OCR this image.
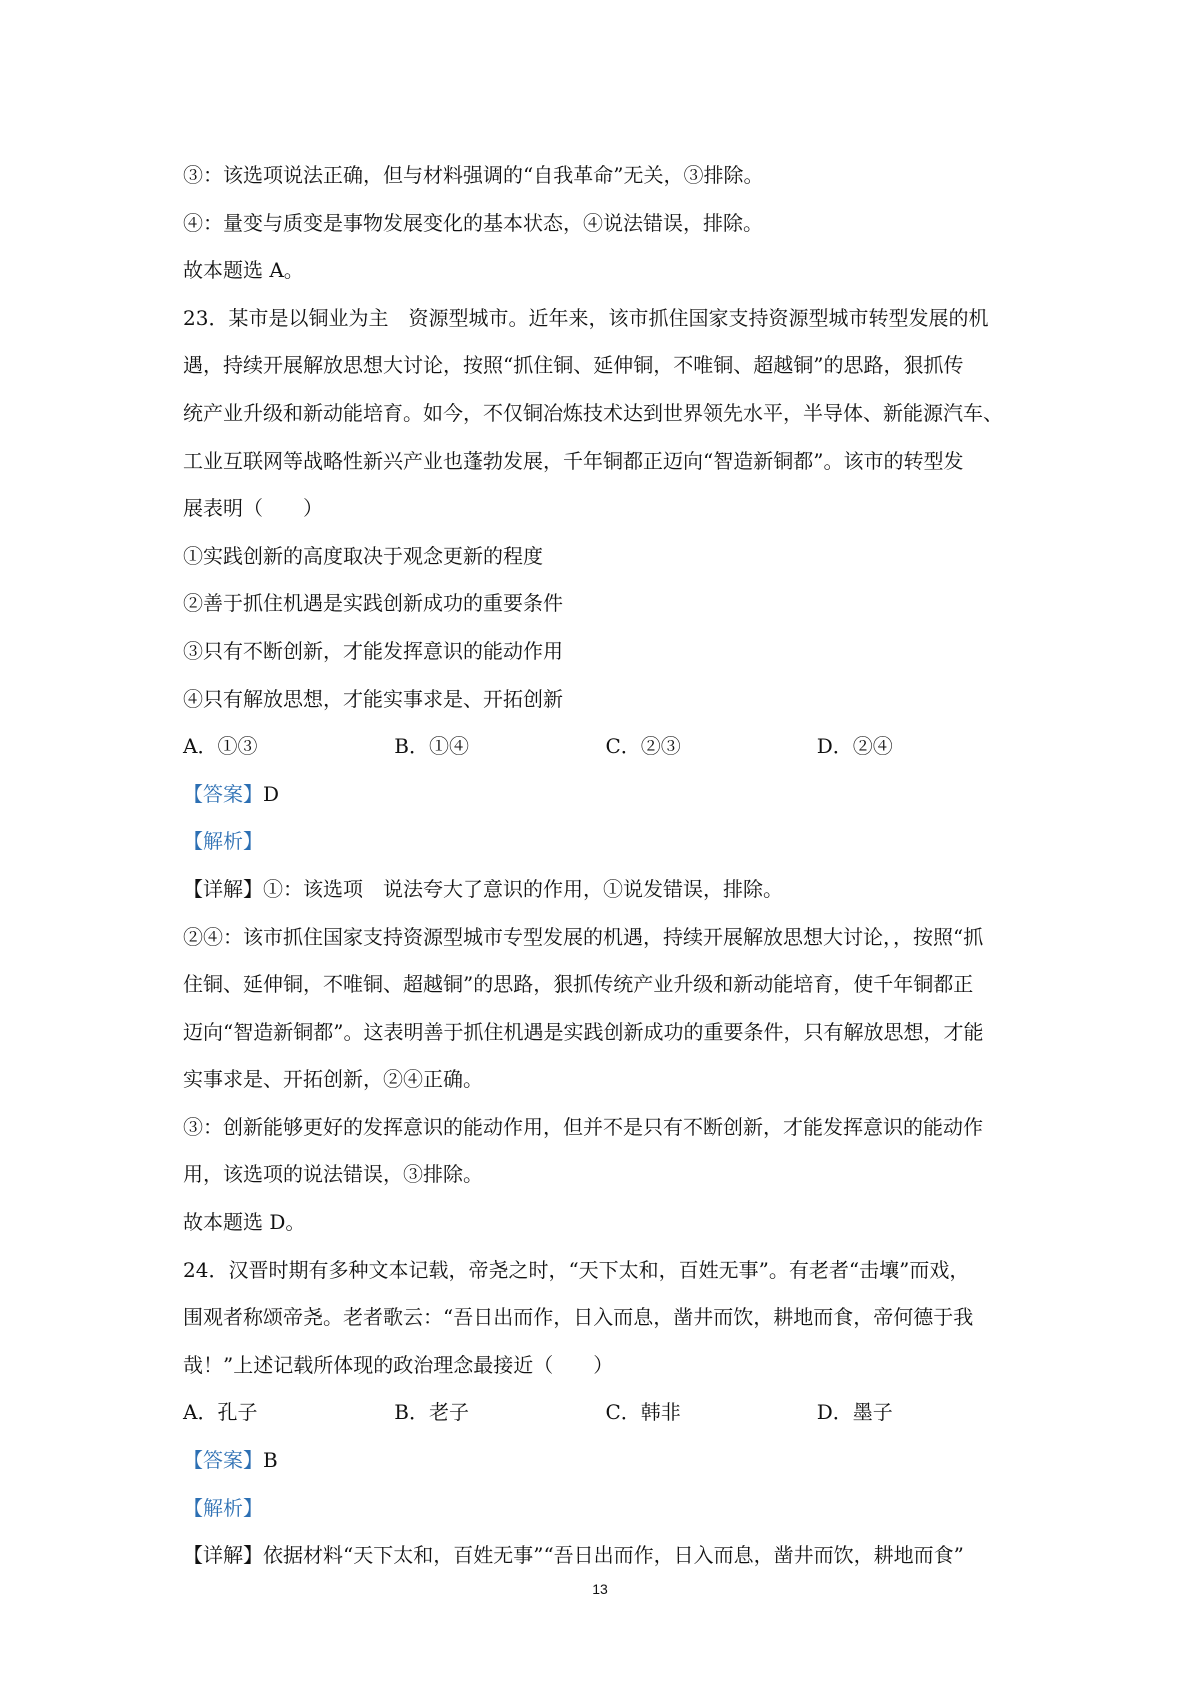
③：该选项说法正确，但与材料强调的“自我革命”无关，③排除。
④：量变与质变是事物发展变化的基本状态，④说法错误，排除。
故本题选 A。
23．某市是以铜业为主　资源型城市。近年来，该市抓住国家支持资源型城市转型发展的机
遇，持续开展解放思想大讨论，按照“抓住铜、延伸铜，不唯铜、超越铜”的思路，狠抓传
统产业升级和新动能培育。如今，不仅铜冶炼技术达到世界领先水平，半导体、新能源汽车、
工业互联网等战略性新兴产业也蓬勃发展，千年铜都正迈向“智造新铜都”。该市的转型发
展表明（　　）
①实践创新的高度取决于观念更新的程度
②善于抓住机遇是实践创新成功的重要条件
③只有不断创新，才能发挥意识的能动作用
④只有解放思想，才能实事求是、开拓创新
A．①③	B．①④	C．②③	D．②④
【答案】D
【解析】
【详解】①：该选项　说法夸大了意识的作用，①说发错误，排除。
②④：该市抓住国家支持资源型城市专型发展的机遇，持续开展解放思想大讨论，，按照“抓
住铜、延伸铜，不唯铜、超越铜”的思路，狠抓传统产业升级和新动能培育，使千年铜都正
迈向“智造新铜都”。这表明善于抓住机遇是实践创新成功的重要条件，只有解放思想，才能
实事求是、开拓创新，②④正确。
③：创新能够更好的发挥意识的能动作用，但并不是只有不断创新，才能发挥意识的能动作
用，该选项的说法错误，③排除。
故本题选 D。
24．汉晋时期有多种文本记载，帝尧之时，“天下太和，百姓无事”。有老者“击壤”而戏，
围观者称颂帝尧。老者歌云：“吾日出而作，日入而息，凿井而饮，耕地而食，帝何德于我
哉！”上述记载所体现的政治理念最接近（　　）
A．孔子	B．老子	C．韩非	D．墨子
【答案】B
【解析】
【详解】依据材料“天下太和，百姓无事”“吾日出而作，日入而息，凿井而饮，耕地而食”
13
